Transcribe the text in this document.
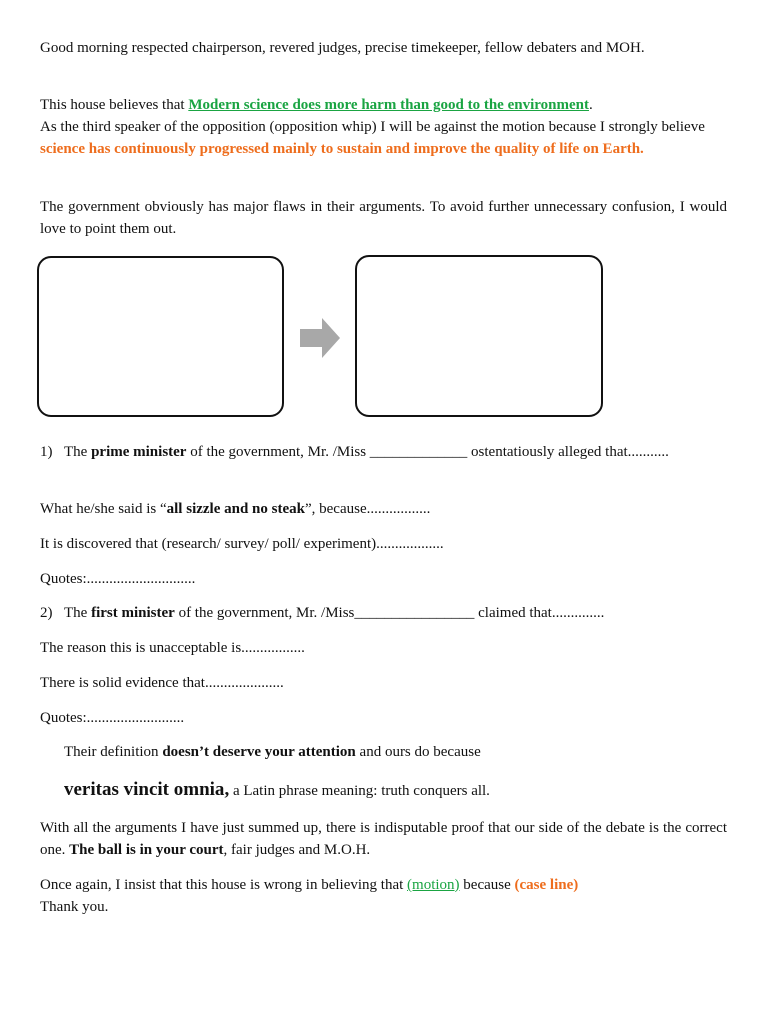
Good morning respected chairperson, revered judges, precise timekeeper, fellow debaters and MOH.

This house believes that Modern science does more harm than good to the environment.
As the third speaker of the opposition (opposition whip) I will be against the motion because I strongly believe science has continuously progressed mainly to sustain and improve the quality of life on Earth.

The government obviously has major flaws in their arguments. To avoid further unnecessary confusion, I would love to point them out.

1) The prime minister of the government, Mr. /Miss _____________ ostentatiously alleged that...........

What he/she said is “all sizzle and no steak”, because.................

It is discovered that (research/ survey/ poll/ experiment)..................

Quotes:.............................

2) The first minister of the government, Mr. /Miss________________ claimed that..............

The reason this is unacceptable is.................

There is solid evidence that.....................

Quotes:..........................

Their definition doesn’t deserve your attention and ours do because

veritas vincit omnia, a Latin phrase meaning: truth conquers all.

With all the arguments I have just summed up, there is indisputable proof that our side of the debate is the correct one. The ball is in your court, fair judges and M.O.H.

Once again, I insist that this house is wrong in believing that (motion) because (case line)
Thank you.
